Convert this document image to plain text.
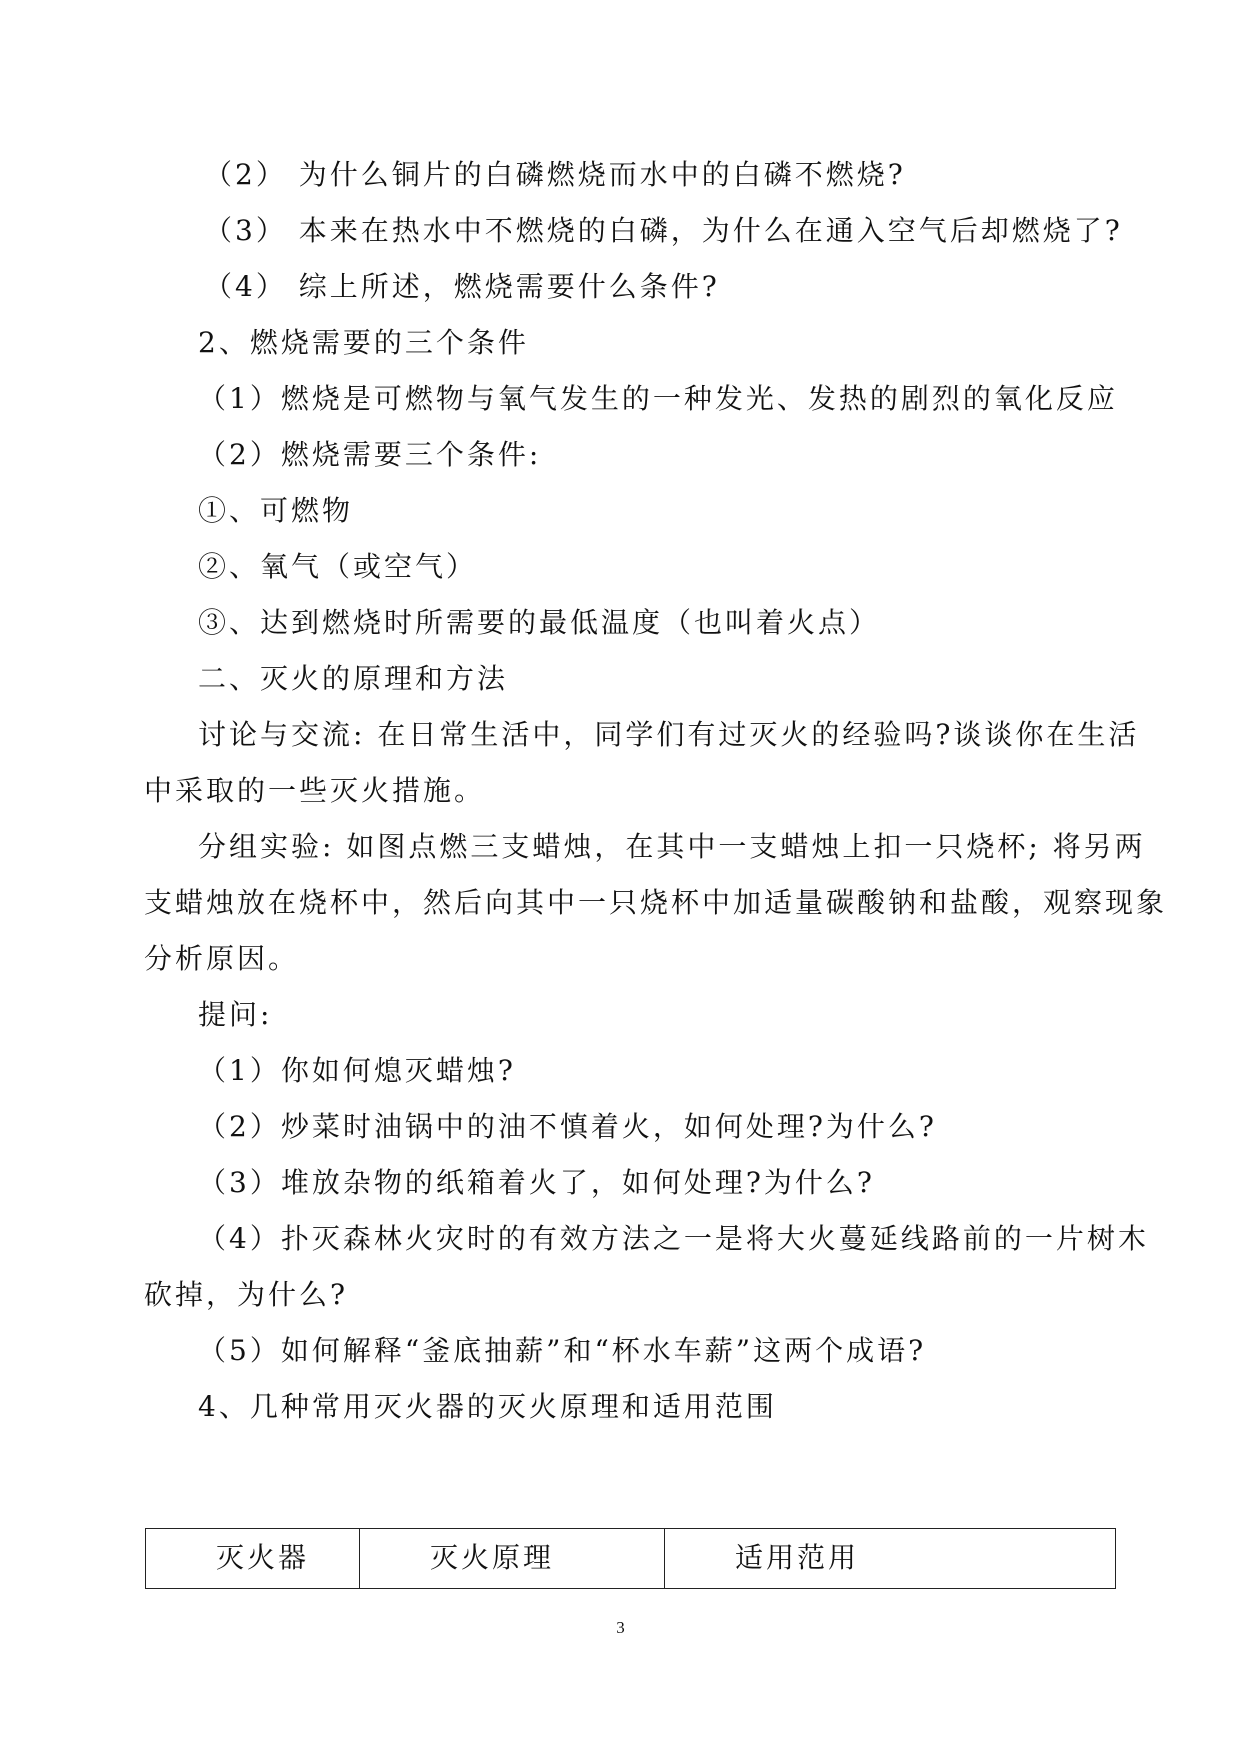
（2） 为什么铜片的白磷燃烧而水中的白磷不燃烧?
（3） 本来在热水中不燃烧的白磷，为什么在通入空气后却燃烧了?
（4） 综上所述，燃烧需要什么条件?
2、燃烧需要的三个条件
（1）燃烧是可燃物与氧气发生的一种发光、发热的剧烈的氧化反应
（2）燃烧需要三个条件:
①、可燃物
②、氧气（或空气）
③、达到燃烧时所需要的最低温度（也叫着火点）
二、灭火的原理和方法
讨论与交流: 在日常生活中，同学们有过灭火的经验吗?谈谈你在生活
中采取的一些灭火措施。
分组实验: 如图点燃三支蜡烛，在其中一支蜡烛上扣一只烧杯; 将另两
支蜡烛放在烧杯中，然后向其中一只烧杯中加适量碳酸钠和盐酸，观察现象
分析原因。
提问:
（1）你如何熄灭蜡烛?
（2）炒菜时油锅中的油不慎着火，如何处理?为什么?
（3）堆放杂物的纸箱着火了，如何处理?为什么?
（4）扑灭森林火灾时的有效方法之一是将大火蔓延线路前的一片树木
砍掉，为什么?
（5）如何解释“釜底抽薪”和“杯水车薪”这两个成语?
4、几种常用灭火器的灭火原理和适用范围
灭火器	灭火原理	适用范用
3
